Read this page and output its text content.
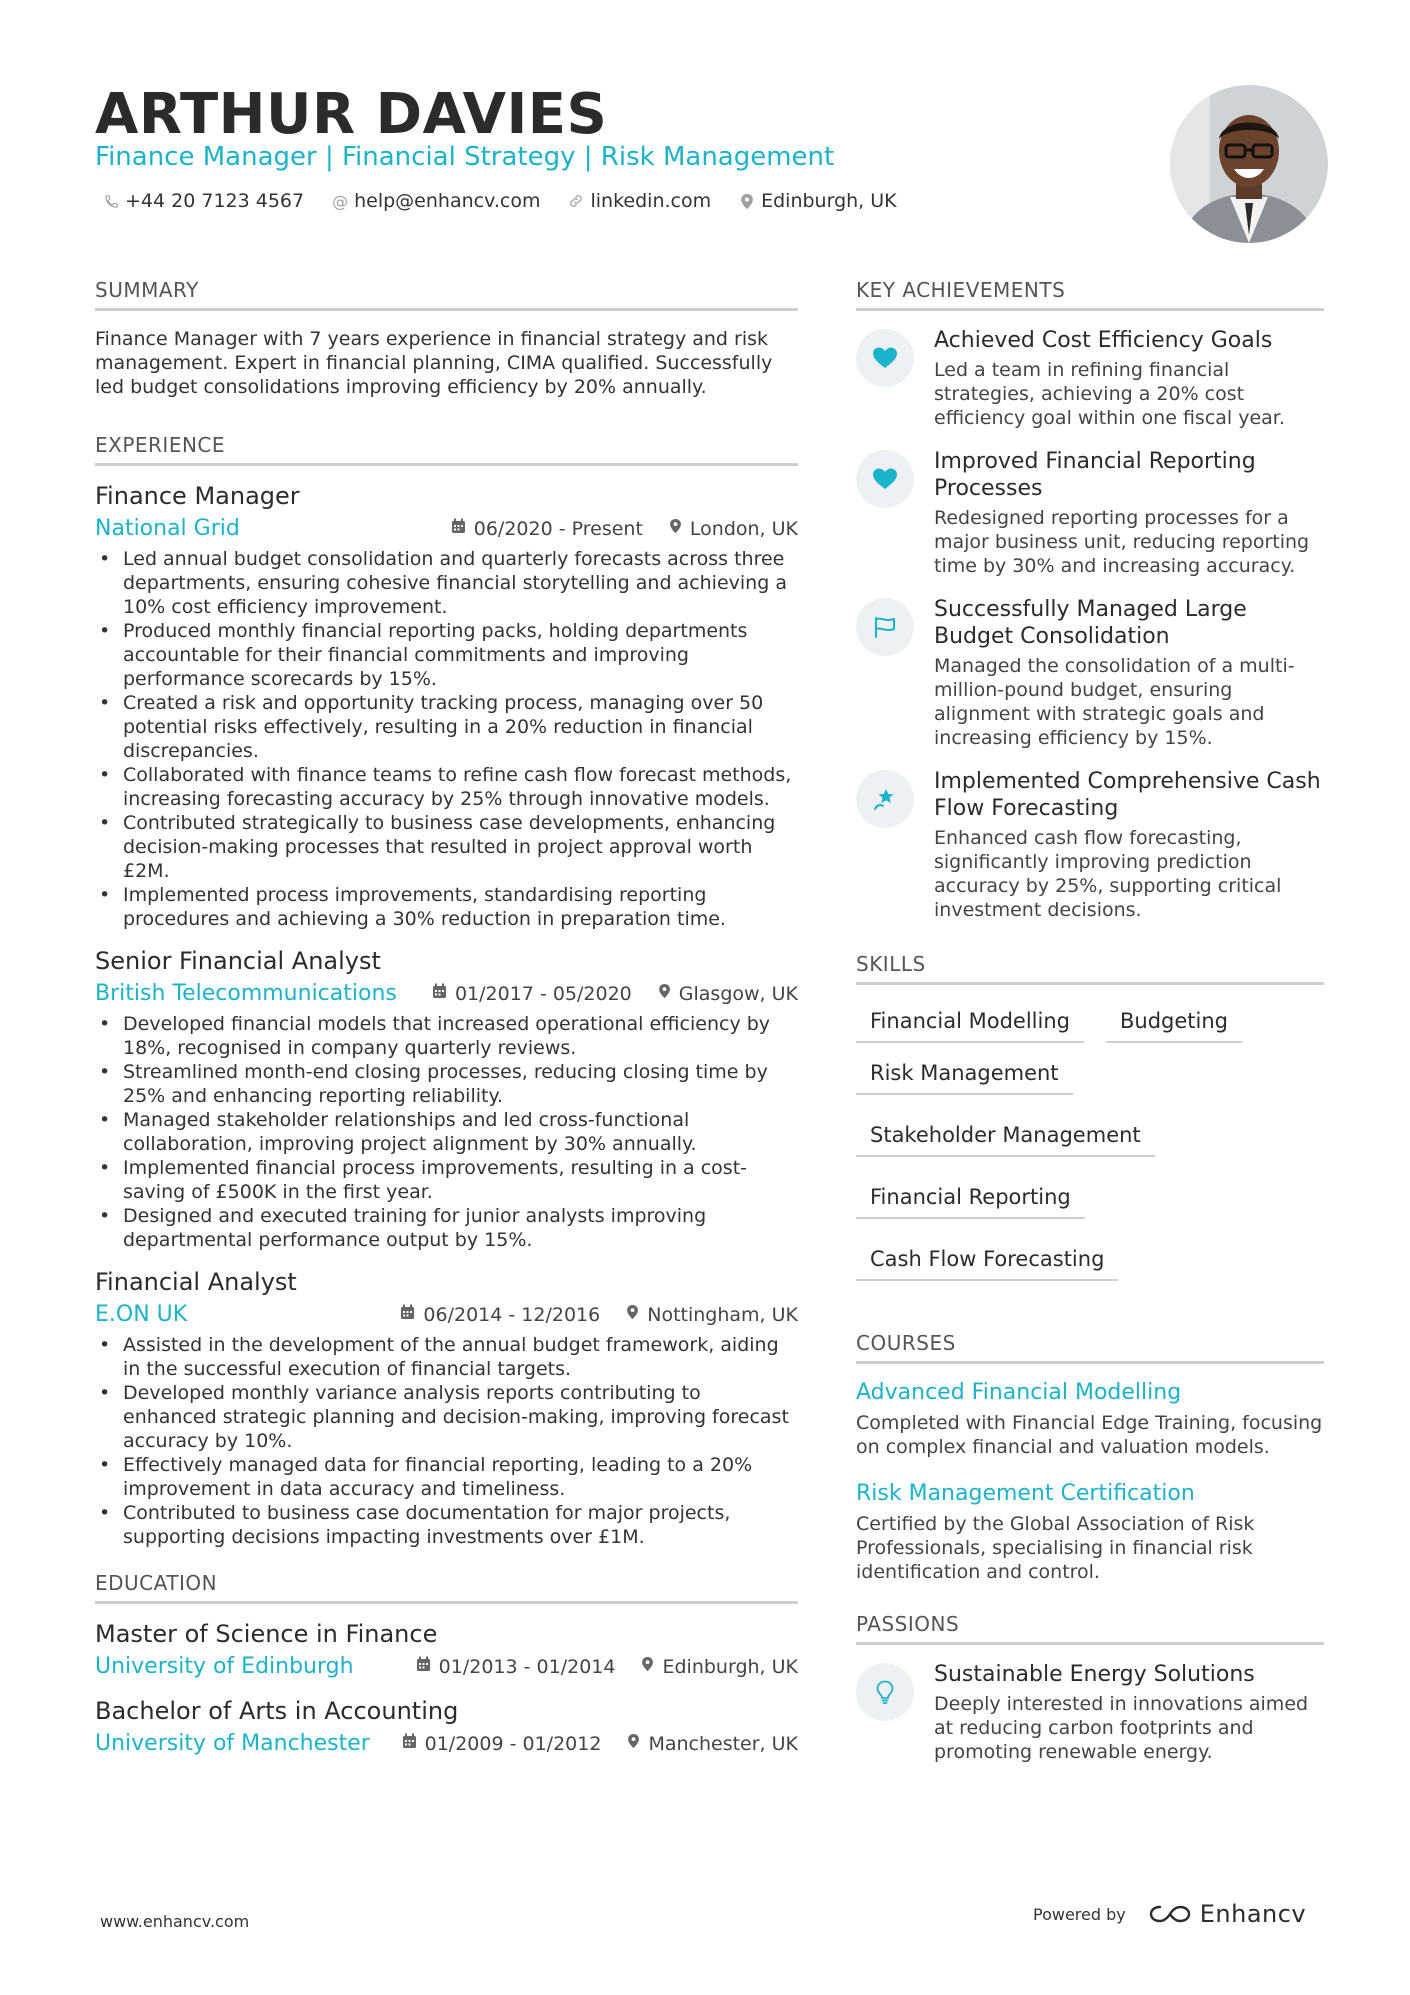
ARTHUR DAVIES
Finance Manager | Financial Strategy | Risk Management
+44 20 7123 4567 @ help@enhancv.com	linkedin.com	Edinburgh, UK
SUMMARY
Finance Manager with 7 years experience in financial strategy and risk management. Expert in financial planning, CIMA qualified. Successfully led budget consolidations improving efficiency by 20% annually.
EXPERIENCE
Finance Manager
National Grid	06/2020 - Present London, UK
• Led annual budget consolidation and quarterly forecasts across three departments, ensuring cohesive financial storytelling and achieving a 10% cost efficiency improvement.
• Produced monthly financial reporting packs, holding departments accountable for their financial commitments and improving performance scorecards by 15%.
• Created a risk and opportunity tracking process, managing over 50 potential risks effectively, resulting in a 20% reduction in financial discrepancies.
• Collaborated with finance teams to refine cash flow forecast methods, increasing forecasting accuracy by 25% through innovative models.
• Contributed strategically to business case developments, enhancing decision-making processes that resulted in project approval worth £2M.
• Implemented process improvements, standardising reporting procedures and achieving a 30% reduction in preparation time.
Senior Financial Analyst
British Telecommunications	01/2017 - 05/2020 Glasgow, UK
• Developed financial models that increased operational efficiency by 18%, recognised in company quarterly reviews.
• Streamlined month-end closing processes, reducing closing time by 25% and enhancing reporting reliability.
• Managed stakeholder relationships and led cross-functional collaboration, improving project alignment by 30% annually.
• Implemented financial process improvements, resulting in a cost-saving of £500K in the first year.
• Designed and executed training for junior analysts improving departmental performance output by 15%.
Financial Analyst
E.ON UK	06/2014 - 12/2016 Nottingham, UK
• Assisted in the development of the annual budget framework, aiding in the successful execution of financial targets.
• Developed monthly variance analysis reports contributing to enhanced strategic planning and decision-making, improving forecast accuracy by 10%.
• Effectively managed data for financial reporting, leading to a 20% improvement in data accuracy and timeliness.
• Contributed to business case documentation for major projects, supporting decisions impacting investments over £1M.
EDUCATION
Master of Science in Finance
University of Edinburgh	01/2013 - 01/2014 Edinburgh, UK
Bachelor of Arts in Accounting
University of Manchester	01/2009 - 01/2012 Manchester, UK
KEY ACHIEVEMENTS
Achieved Cost Efficiency Goals
Led a team in refining financial strategies, achieving a 20% cost efficiency goal within one fiscal year.
Improved Financial Reporting Processes
Redesigned reporting processes for a major business unit, reducing reporting time by 30% and increasing accuracy.
Successfully Managed Large Budget Consolidation
Managed the consolidation of a multi-million-pound budget, ensuring alignment with strategic goals and increasing efficiency by 15%.
Implemented Comprehensive Cash Flow Forecasting
Enhanced cash flow forecasting, significantly improving prediction accuracy by 25%, supporting critical investment decisions.
SKILLS
Financial Modelling	Budgeting
Risk Management
Stakeholder Management
Financial Reporting
Cash Flow Forecasting
COURSES
Advanced Financial Modelling
Completed with Financial Edge Training, focusing on complex financial and valuation models.
Risk Management Certification
Certified by the Global Association of Risk Professionals, specialising in financial risk identification and control.
PASSIONS
Sustainable Energy Solutions
Deeply interested in innovations aimed at reducing carbon footprints and promoting renewable energy.
www.enhancv.com	Powered by	Enhancv
